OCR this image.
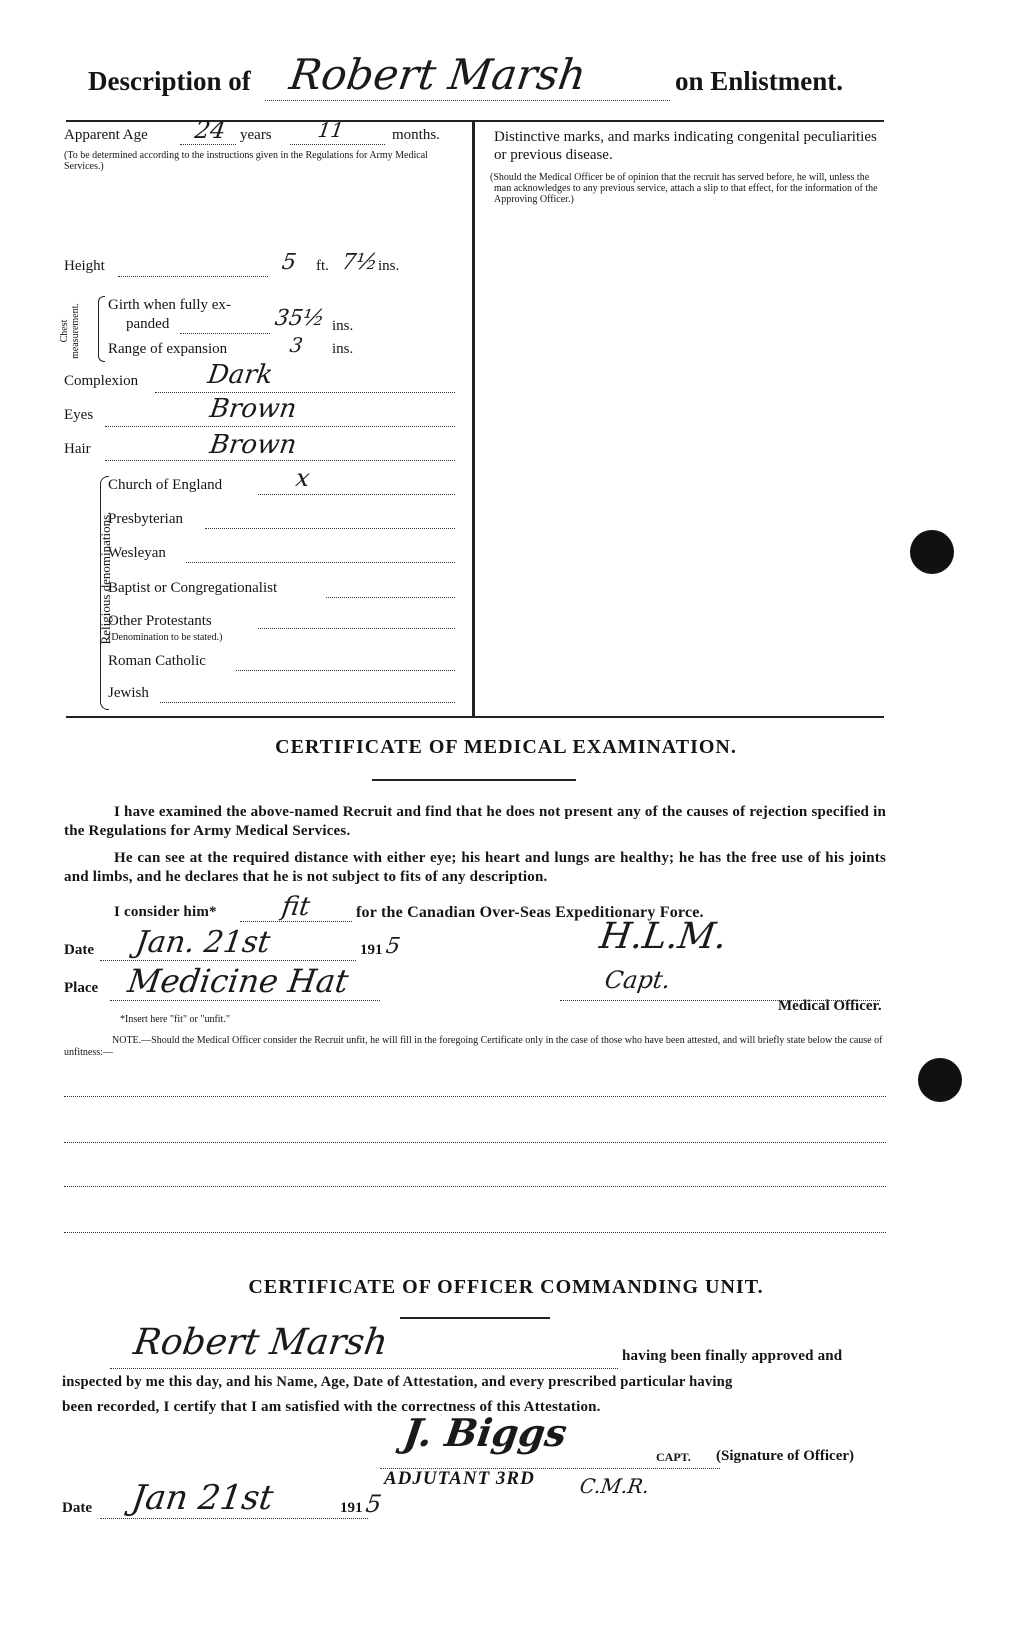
Description of Robert Marsh	on Enlistment.
Apparent Age 24 years 11	months.
(To be determined according to the instructions given in the Regulations for Army Medical Services.)
Height	5 ft. 7½
ins.
Chest measurement. Girth when fully ex-
panded	35½ ins.
Range of expansion	3 ins.
Complexion	Dark
Eyes	Brown
Hair	Brown
Religious denominations.
Church of England	x
Presbyterian
Wesleyan
Baptist or Congregationalist
Other Protestants
(Denomination to be stated.)
Roman Catholic
Jewish
Distinctive marks, and marks indicating congenital peculiarities or previous disease.
(Should the Medical Officer be of opinion that the recruit has served before, he will, unless the man acknowledges to any previous service, attach a slip to that effect, for the information of the Approving Officer.)
CERTIFICATE OF MEDICAL EXAMINATION.
I have examined the above-named Recruit and find that he does not present any of the causes of rejection specified in the Regulations for Army Medical Services.
He can see at the required distance with either eye; his heart and lungs are healthy; he has the free use of his joints and limbs, and he declares that he is not subject to fits of any description.
I consider him* fit	for the Canadian Over-Seas Expeditionary Force.
Date Jan. 21st	191 5	H.L.M.
Place Medicine Hat	Capt.
Medical Officer.
*Insert here "fit" or "unfit."
NOTE.—Should the Medical Officer consider the Recruit unfit, he will fill in the foregoing Certificate only in the case of those who have been attested, and will briefly state below the cause of unfitness:—
CERTIFICATE OF OFFICER COMMANDING UNIT.
Robert Marsh	having been finally approved and
inspected by me this day, and his Name, Age, Date of Attestation, and every prescribed particular having
been recorded, I certify that I am satisfied with the correctness of this Attestation.
J. Biggs
CAPT. (Signature of Officer)
ADJUTANT 3RD C.M.R.
Date Jan 21st	191 5
